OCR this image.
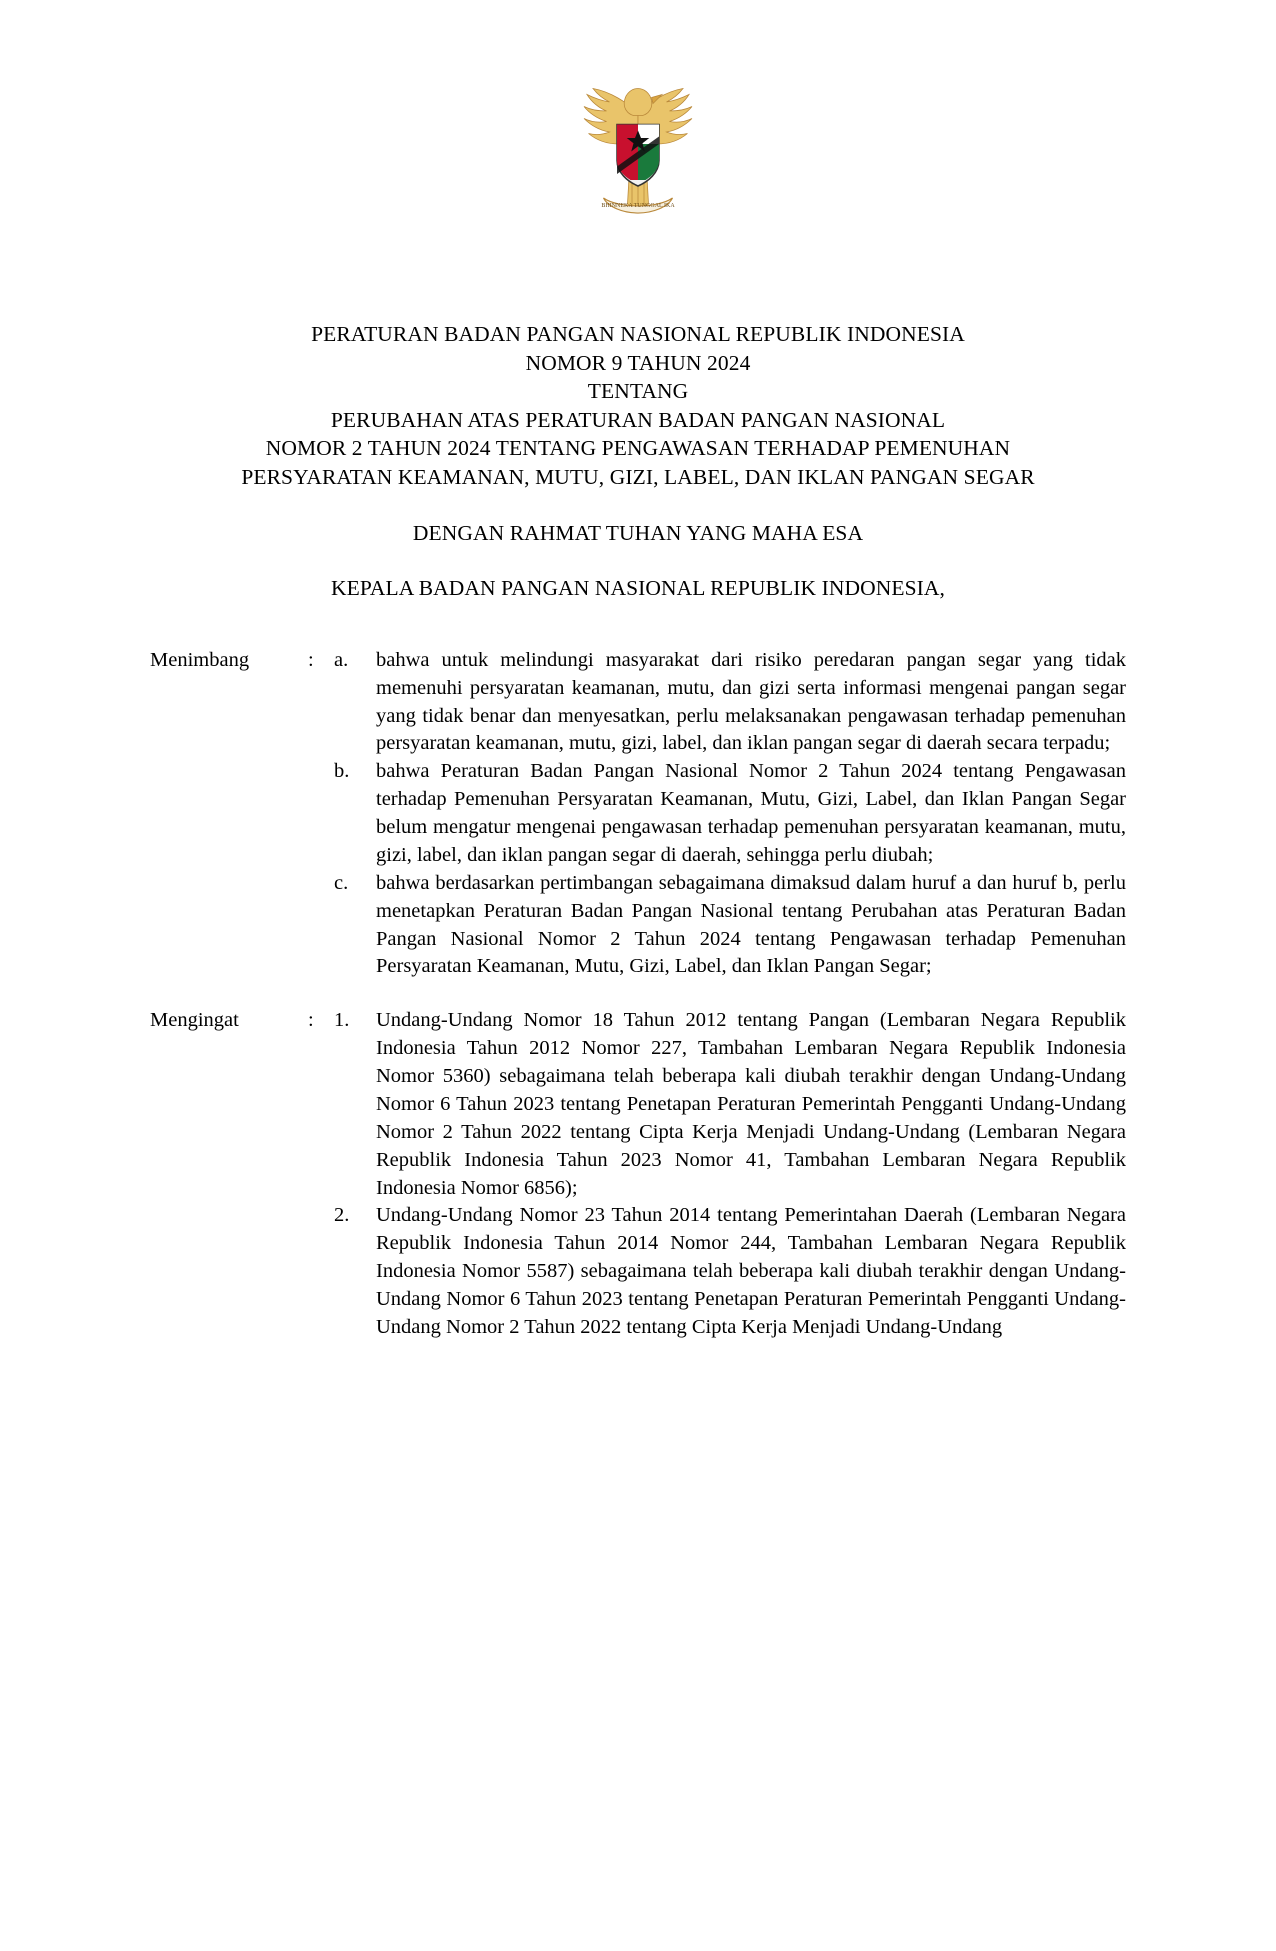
BHINNEKA TUNGGAL IKA
PERATURAN BADAN PANGAN NASIONAL REPUBLIK INDONESIA
NOMOR 9 TAHUN 2024
TENTANG
PERUBAHAN ATAS PERATURAN BADAN PANGAN NASIONAL
NOMOR 2 TAHUN 2024 TENTANG PENGAWASAN TERHADAP PEMENUHAN
PERSYARATAN KEAMANAN, MUTU, GIZI, LABEL, DAN IKLAN PANGAN SEGAR
DENGAN RAHMAT TUHAN YANG MAHA ESA
KEPALA BADAN PANGAN NASIONAL REPUBLIK INDONESIA,
Menimbang	: a.	bahwa untuk melindungi masyarakat dari risiko peredaran pangan segar yang tidak memenuhi persyaratan keamanan, mutu, dan gizi serta informasi mengenai pangan segar yang tidak benar dan menyesatkan, perlu melaksanakan pengawasan terhadap pemenuhan persyaratan keamanan, mutu, gizi, label, dan iklan pangan segar di daerah secara terpadu;
b.	bahwa Peraturan Badan Pangan Nasional Nomor 2 Tahun 2024 tentang Pengawasan terhadap Pemenuhan Persyaratan Keamanan, Mutu, Gizi, Label, dan Iklan Pangan Segar belum mengatur mengenai pengawasan terhadap pemenuhan persyaratan keamanan, mutu, gizi, label, dan iklan pangan segar di daerah, sehingga perlu diubah;
c.	bahwa berdasarkan pertimbangan sebagaimana dimaksud dalam huruf a dan huruf b, perlu menetapkan Peraturan Badan Pangan Nasional tentang Perubahan atas Peraturan Badan Pangan Nasional Nomor 2 Tahun 2024 tentang Pengawasan terhadap Pemenuhan Persyaratan Keamanan, Mutu, Gizi, Label, dan Iklan Pangan Segar;
Mengingat	: 1.	Undang-Undang Nomor 18 Tahun 2012 tentang Pangan (Lembaran Negara Republik Indonesia Tahun 2012 Nomor 227, Tambahan Lembaran Negara Republik Indonesia Nomor 5360) sebagaimana telah beberapa kali diubah terakhir dengan Undang-Undang Nomor 6 Tahun 2023 tentang Penetapan Peraturan Pemerintah Pengganti Undang-Undang Nomor 2 Tahun 2022 tentang Cipta Kerja Menjadi Undang-Undang (Lembaran Negara Republik Indonesia Tahun 2023 Nomor 41, Tambahan Lembaran Negara Republik Indonesia Nomor 6856);
2.	Undang-Undang Nomor 23 Tahun 2014 tentang Pemerintahan Daerah (Lembaran Negara Republik Indonesia Tahun 2014 Nomor 244, Tambahan Lembaran Negara Republik Indonesia Nomor 5587) sebagaimana telah beberapa kali diubah terakhir dengan Undang-Undang Nomor 6 Tahun 2023 tentang Penetapan Peraturan Pemerintah Pengganti Undang-Undang Nomor 2 Tahun 2022 tentang Cipta Kerja Menjadi Undang-Undang
